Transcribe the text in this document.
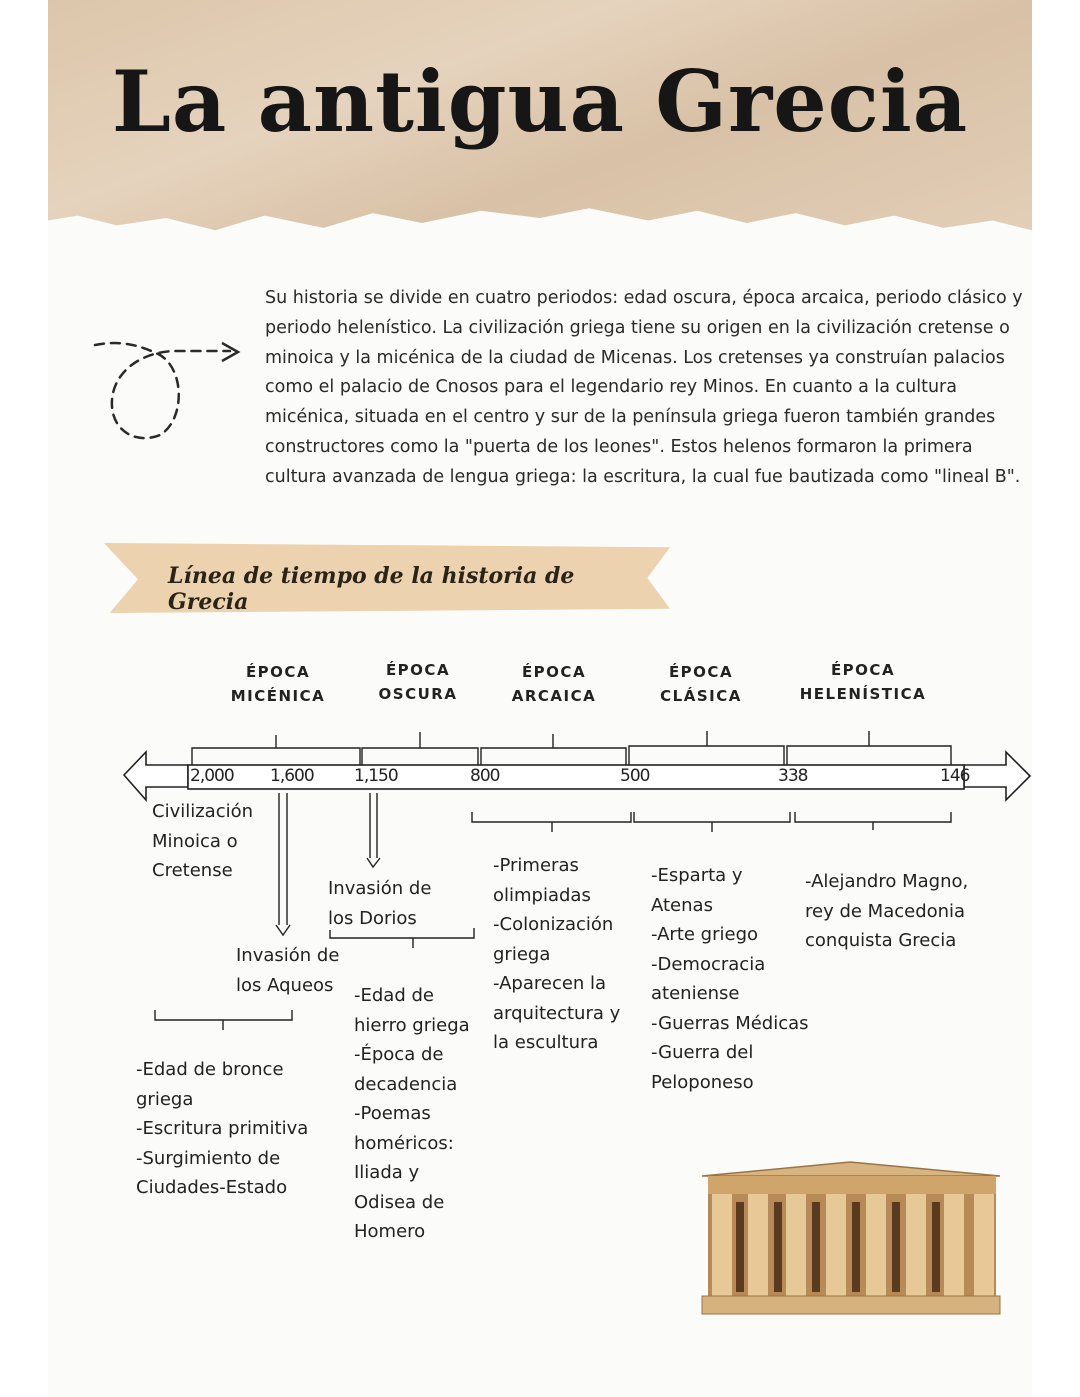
La antigua Grecia
Su historia se divide en cuatro periodos: edad oscura, época arcaica, periodo clásico y periodo helenístico. La civilización griega tiene su origen en la civilización cretense o minoica y la micénica de la ciudad de Micenas. Los cretenses ya construían palacios como el palacio de Cnosos para el legendario rey Minos. En cuanto a la cultura micénica, situada en el centro y sur de la península griega fueron también grandes constructores como la "puerta de los leones". Estos helenos formaron la primera cultura avanzada de lengua griega: la escritura, la cual fue bautizada como "lineal B".
Línea de tiempo de la historia de Grecia
ÉPOCA
MICÉNICA
ÉPOCA
OSCURA
ÉPOCA
ARCAICA
ÉPOCA
CLÁSICA
ÉPOCA
HELENÍSTICA
2,000 1,600 1,150	800	500	338	146
Civilización
Minoica o
Cretense
Invasión de
los Aqueos
Invasión de
los Dorios
-Edad de bronce
griega
-Escritura primitiva
-Surgimiento de
Ciudades-Estado
-Edad de
hierro griega
-Época de
decadencia
-Poemas
homéricos:
Iliada y
Odisea de
Homero
-Primeras
olimpiadas
-Colonización
griega
-Aparecen la
arquitectura y
la escultura
-Esparta y
Atenas
-Arte griego
-Democracia
ateniense
-Guerras Médicas
-Guerra del
Peloponeso
-Alejandro Magno,
rey de Macedonia
conquista Grecia
